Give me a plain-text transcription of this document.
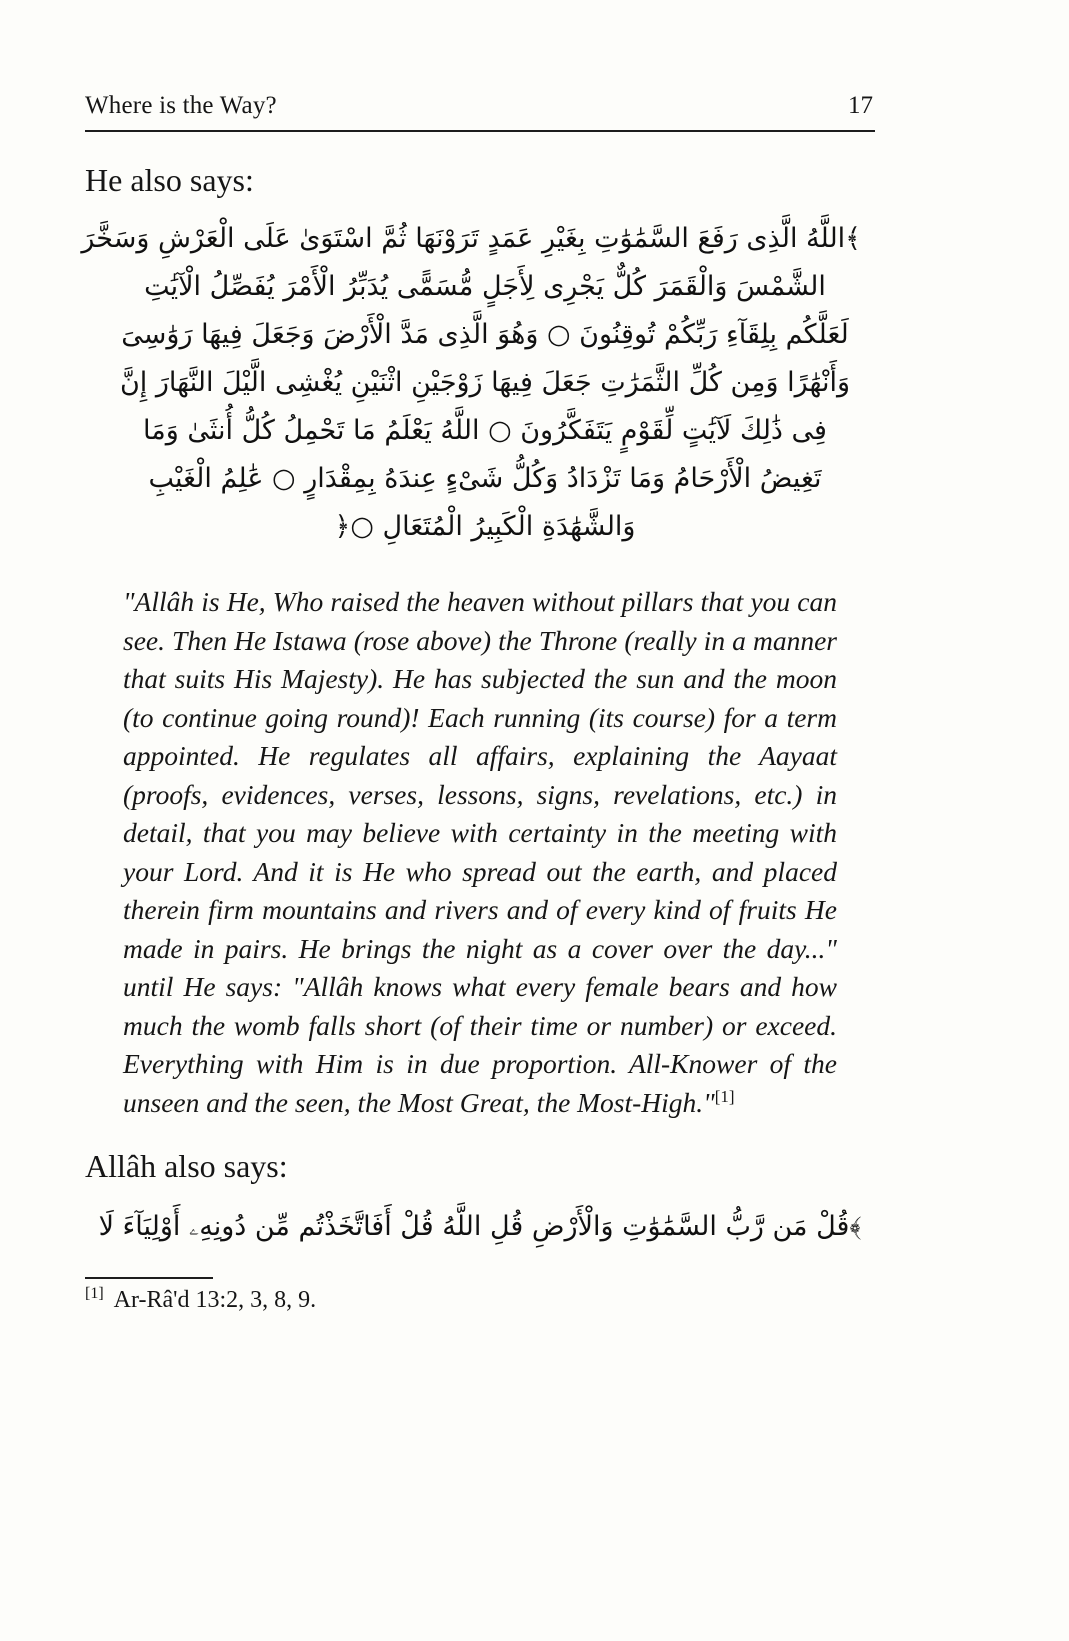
Where is the Way?	17
He also says:
‫﴾اللَّهُ الَّذِى رَفَعَ السَّمَٰوَٰتِ بِغَيْرِ عَمَدٍ تَرَوْنَهَا ثُمَّ اسْتَوَىٰ عَلَى الْعَرْشِ وَسَخَّرَ‬
‫الشَّمْسَ وَالْقَمَرَ كُلٌّ يَجْرِى لِأَجَلٍ مُّسَمًّى يُدَبِّرُ الْأَمْرَ يُفَصِّلُ الْآيَٰتِ‬
‫لَعَلَّكُم بِلِقَآءِ رَبِّكُمْ تُوقِنُونَ ○ وَهُوَ الَّذِى مَدَّ الْأَرْضَ وَجَعَلَ فِيهَا رَوَٰسِىَ‬
‫وَأَنْهَٰرًا وَمِن كُلِّ الثَّمَرَٰتِ جَعَلَ فِيهَا زَوْجَيْنِ اثْنَيْنِ يُغْشِى الَّيْلَ النَّهَارَ إِنَّ‬
‫فِى ذَٰلِكَ لَآيَٰتٍ لِّقَوْمٍ يَتَفَكَّرُونَ ○ اللَّهُ يَعْلَمُ مَا تَحْمِلُ كُلُّ أُنثَىٰ وَمَا‬
‫تَغِيضُ الْأَرْحَامُ وَمَا تَزْدَادُ وَكُلُّ شَىْءٍ عِندَهُ بِمِقْدَارٍ ○ عَٰلِمُ الْغَيْبِ‬
‫وَالشَّهَٰدَةِ الْكَبِيرُ الْمُتَعَالِ ○﴿‬
"Allâh is He, Who raised the heaven without pillars that you can see. Then He Istawa (rose above) the Throne (really in a manner that suits His Majesty). He has subjected the sun and the moon (to continue going round)! Each running (its course) for a term appointed. He regulates all affairs, explaining the Aayaat (proofs, evidences, verses, lessons, signs, revelations, etc.) in detail, that you may believe with certainty in the meeting with your Lord. And it is He who spread out the earth, and placed therein firm mountains and rivers and of every kind of fruits He made in pairs. He brings the night as a cover over the day..." until He says: "Allâh knows what every female bears and how much the womb falls short (of their time or number) or exceed. Everything with Him is in due proportion. All-Knower of the unseen and the seen, the Most Great, the Most-High."[1]
Allâh also says:
‫﴾قُلْ مَن رَّبُّ السَّمَٰوَٰتِ وَالْأَرْضِ قُلِ اللَّهُ قُلْ أَفَاتَّخَذْتُم مِّن دُونِهِۦ أَوْلِيَآءَ لَا‬
[1] Ar-Râ'd 13:2, 3, 8, 9.
